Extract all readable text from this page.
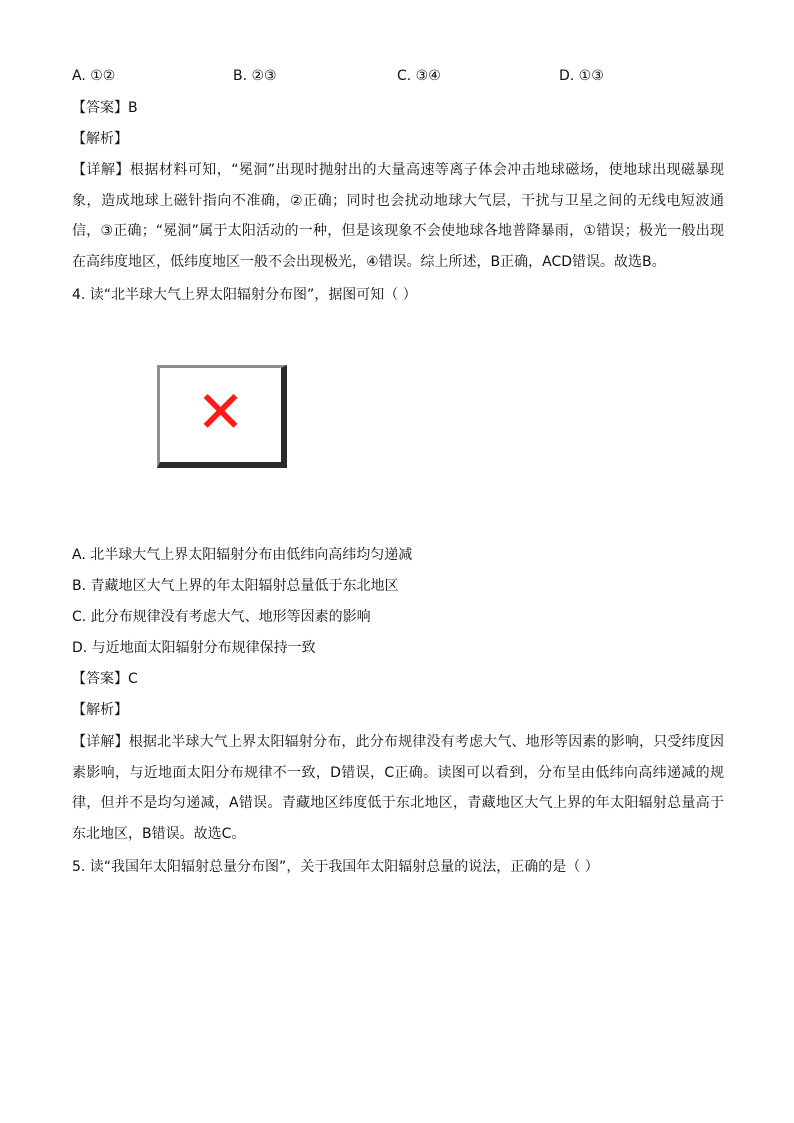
A. ①②	B. ②③	C. ③④	D. ①③
【答案】B
【解析】
【详解】根据材料可知，“冕洞”出现时抛射出的大量高速等离子体会冲击地球磁场，使地球出现磁暴现象，造成地球上磁针指向不准确，②正确；同时也会扰动地球大气层，干扰与卫星之间的无线电短波通信，③正确；“冕洞”属于太阳活动的一种，但是该现象不会使地球各地普降暴雨，①错误；极光一般出现在高纬度地区，低纬度地区一般不会出现极光，④错误。综上所述，B正确，ACD错误。故选B。
4. 读“北半球大气上界太阳辐射分布图”，据图可知（ ）
✕
A. 北半球大气上界太阳辐射分布由低纬向高纬均匀递减
B. 青藏地区大气上界的年太阳辐射总量低于东北地区
C. 此分布规律没有考虑大气、地形等因素的影响
D. 与近地面太阳辐射分布规律保持一致
【答案】C
【解析】
【详解】根据北半球大气上界太阳辐射分布，此分布规律没有考虑大气、地形等因素的影响，只受纬度因素影响，与近地面太阳分布规律不一致，D错误，C正确。读图可以看到，分布呈由低纬向高纬递减的规律，但并不是均匀递减，A错误。青藏地区纬度低于东北地区，青藏地区大气上界的年太阳辐射总量高于东北地区，B错误。故选C。
5. 读“我国年太阳辐射总量分布图”，关于我国年太阳辐射总量的说法，正确的是（ ）
